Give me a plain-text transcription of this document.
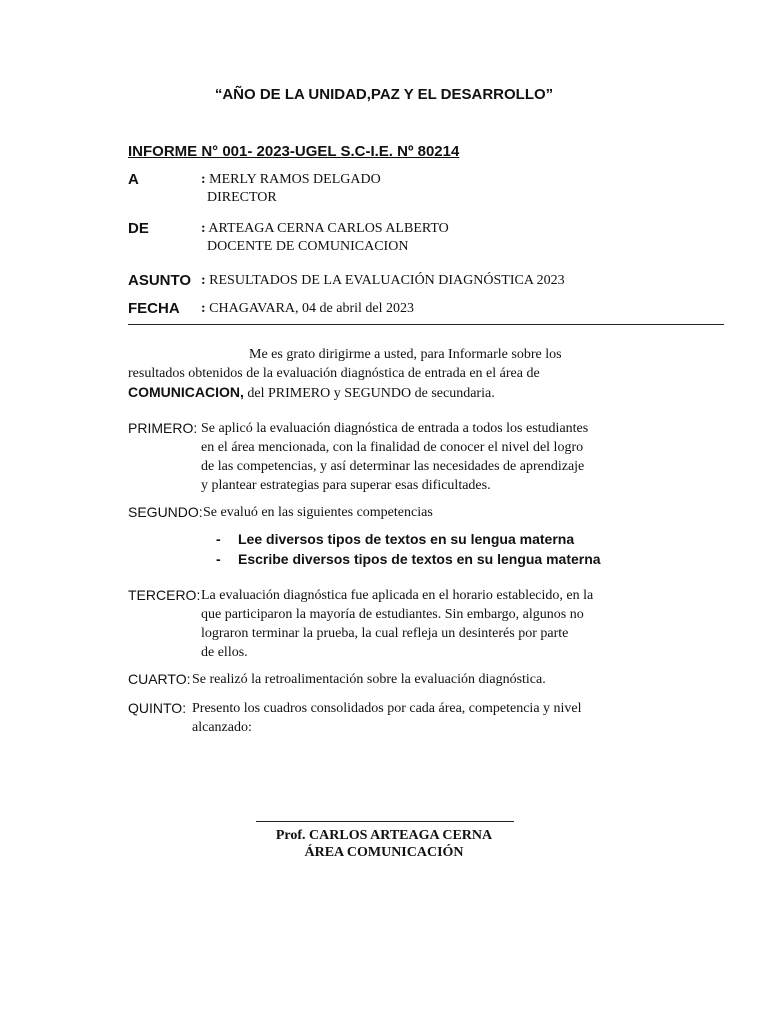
“AÑO DE LA UNIDAD,PAZ Y EL DESARROLLO”
INFORME N° 001- 2023-UGEL S.C-I.E. Nº 80214
A	: MERLY RAMOS DELGADO
DIRECTOR
DE	: ARTEAGA CERNA CARLOS ALBERTO
DOCENTE DE COMUNICACION
ASUNTO : RESULTADOS DE LA EVALUACIÓN DIAGNÓSTICA 2023
FECHA : CHAGAVARA, 04 de abril del 2023
Me es grato dirigirme a usted, para Informarle sobre los
resultados obtenidos de la evaluación diagnóstica de entrada en el área de
COMUNICACION, del PRIMERO y SEGUNDO de secundaria.
PRIMERO: Se aplicó la evaluación diagnóstica de entrada a todos los estudiantes
en el área mencionada, con la finalidad de conocer el nivel del logro
de las competencias, y así determinar las necesidades de aprendizaje
y plantear estrategias para superar esas dificultades.
SEGUNDO: Se evaluó en las siguientes competencias
- Lee diversos tipos de textos en su lengua materna
- Escribe diversos tipos de textos en su lengua materna
TERCERO: La evaluación diagnóstica fue aplicada en el horario establecido, en la
que participaron la mayoría de estudiantes. Sin embargo, algunos no
lograron terminar la prueba, la cual refleja un desinterés por parte
de ellos.
CUARTO: Se realizó la retroalimentación sobre la evaluación diagnóstica.
QUINTO: Presento los cuadros consolidados por cada área, competencia y nivel
alcanzado:
Prof. CARLOS ARTEAGA CERNA
ÁREA COMUNICACIÓN
